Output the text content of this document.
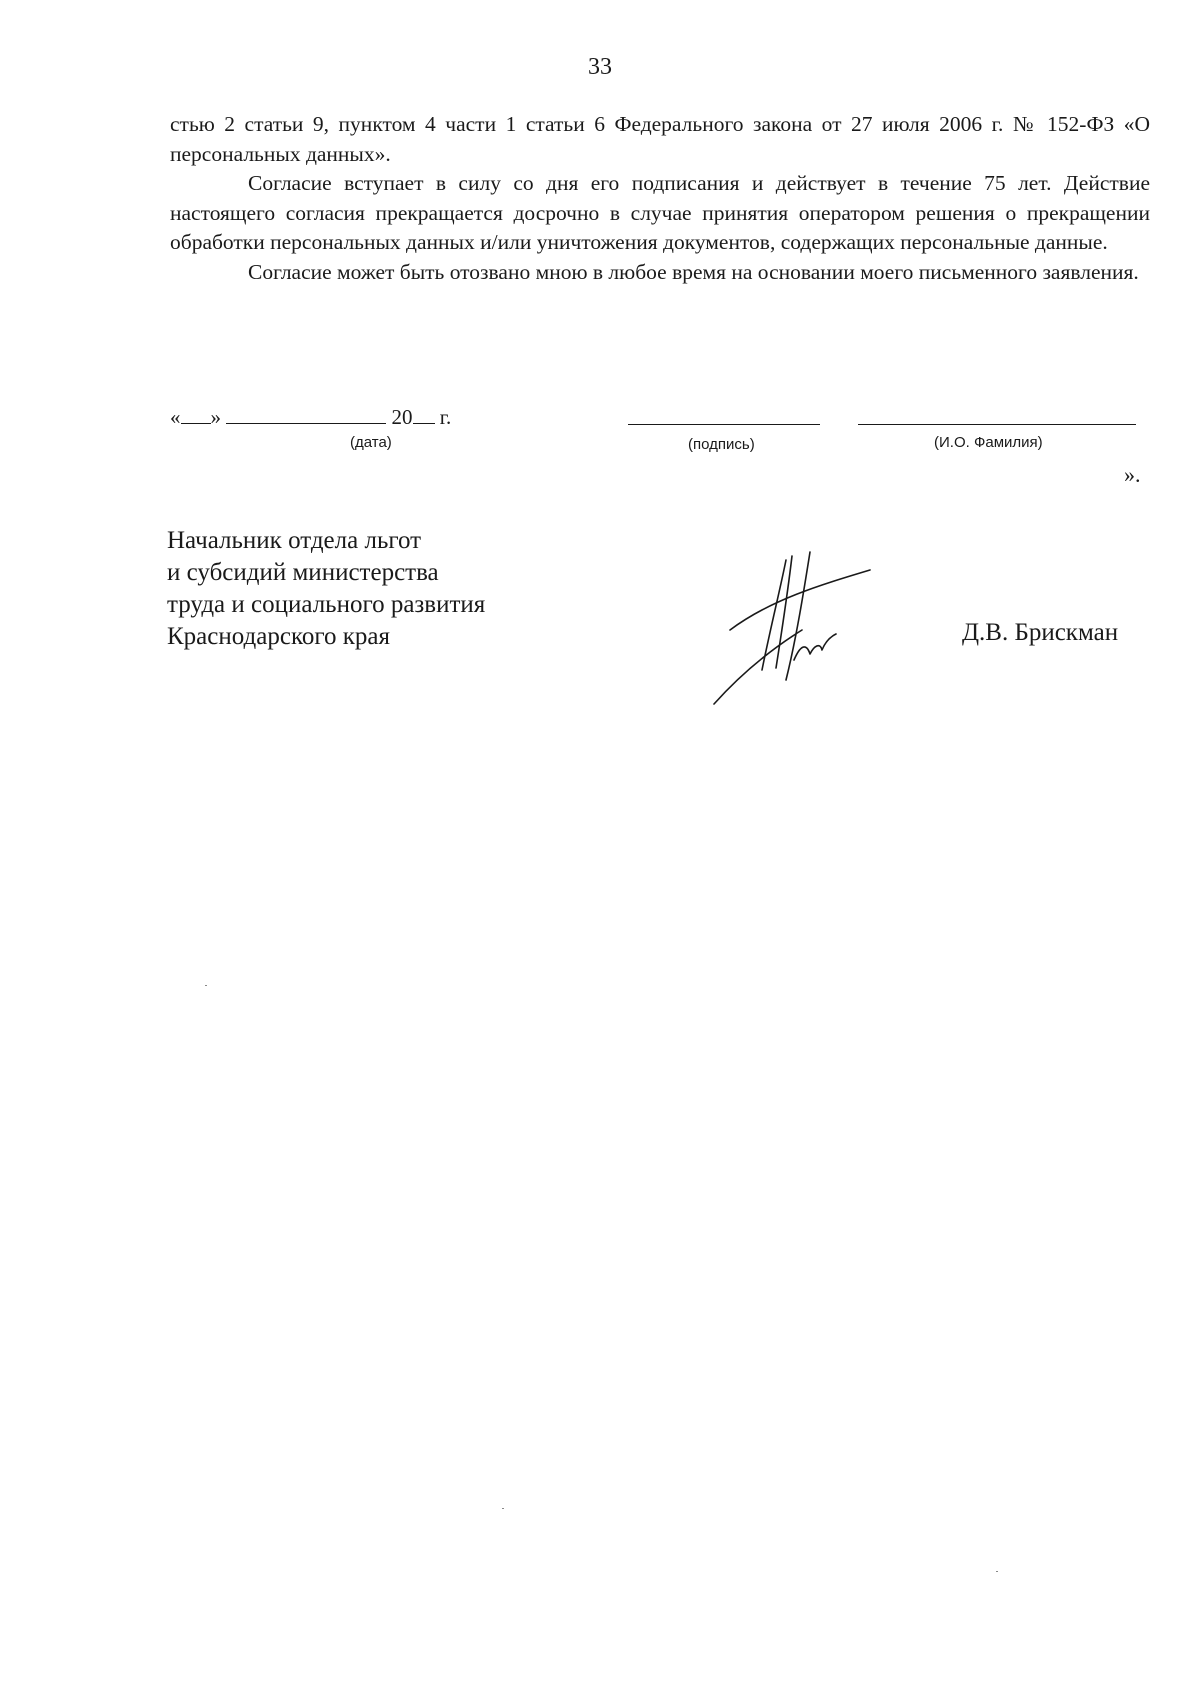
33

стью 2 статьи 9, пунктом 4 части 1 статьи 6 Федерального закона от 27 июля 2006 г. № 152-ФЗ «О персональных данных».

Согласие вступает в силу со дня его подписания и действует в течение 75 лет. Действие настоящего согласия прекращается досрочно в случае принятия оператором решения о прекращении обработки персональных данных и/или уничтожения документов, содержащих персональные данные.

Согласие может быть отозвано мною в любое время на основании моего письменного заявления.

« »	20 г.
(дата)	(подпись)	(И.О. Фамилия)
».
Начальник отдела льгот
и субсидий министерства
труда и социального развития
Краснодарского края	Д.В. Брискман
